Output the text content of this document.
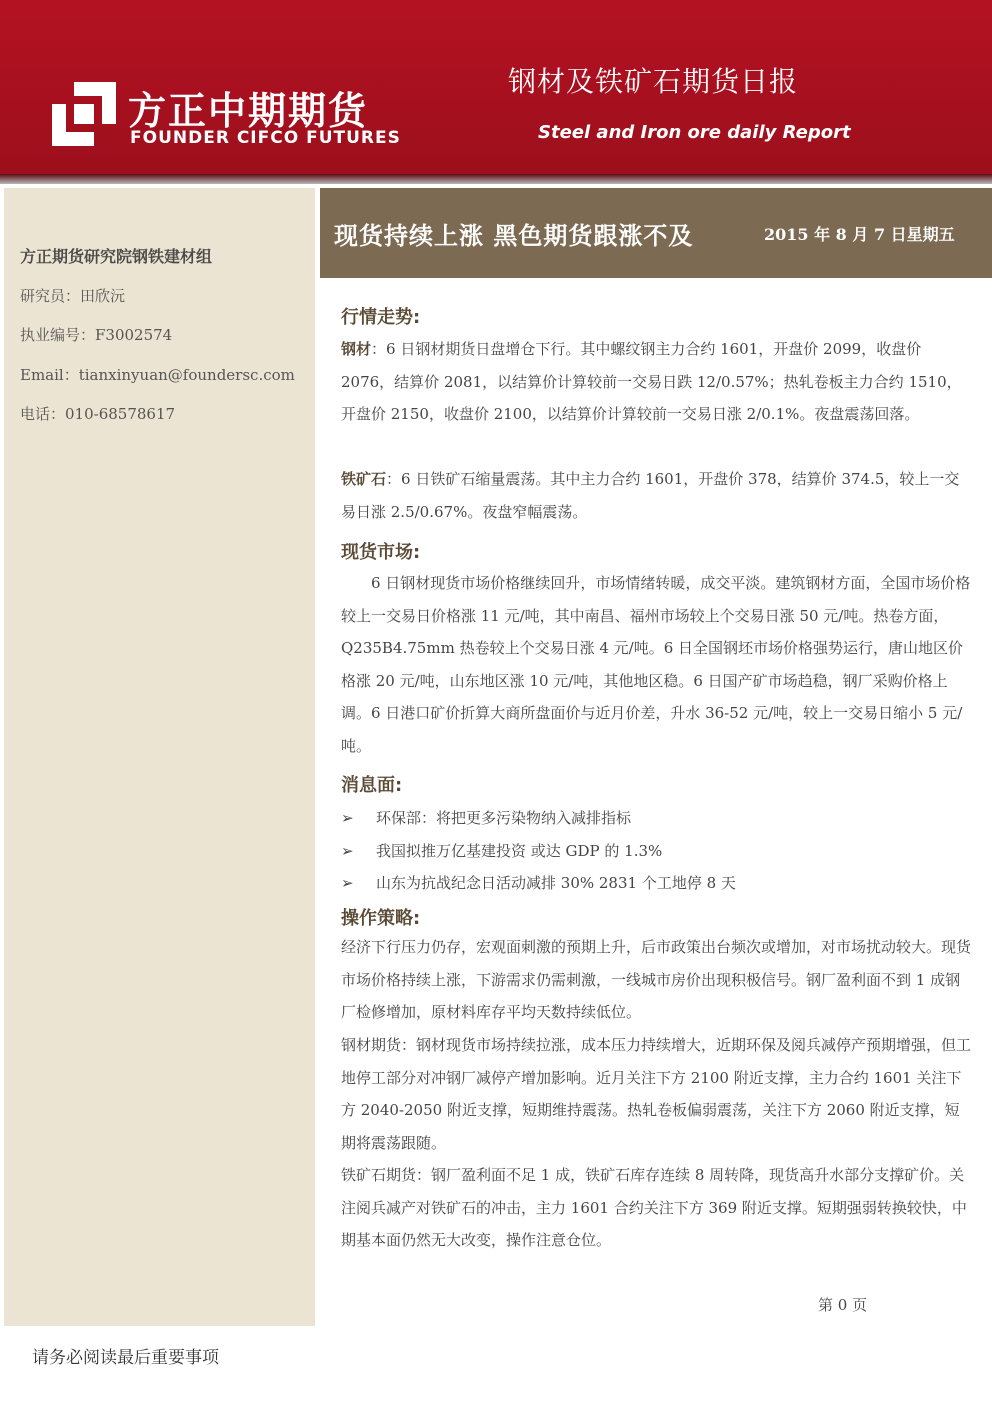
方正中期期货
FOUNDER CIFCO FUTURES
钢材及铁矿石期货日报
Steel and Iron ore daily Report
方正期货研究院钢铁建材组
研究员：田欣沅
执业编号：F3002574
Email：tianxinyuan@foundersc.com
电话：010-68578617
现货持续上涨 黑色期货跟涨不及	2015 年 8 月 7 日星期五
行情走势:
钢材：6 日钢材期货日盘增仓下行。其中螺纹钢主力合约 1601，开盘价 2099，收盘价 2076，结算价 2081，以结算价计算较前一交易日跌 12/0.57%；热轧卷板主力合约 1510，开盘价 2150，收盘价 2100，以结算价计算较前一交易日涨 2/0.1%。夜盘震荡回落。
铁矿石：6 日铁矿石缩量震荡。其中主力合约 1601，开盘价 378，结算价 374.5，较上一交易日涨 2.5/0.67%。夜盘窄幅震荡。
现货市场:
6 日钢材现货市场价格继续回升，市场情绪转暖，成交平淡。建筑钢材方面，全国市场价格较上一交易日价格涨 11 元/吨，其中南昌、福州市场较上个交易日涨 50 元/吨。热卷方面，Q235B4.75mm 热卷较上个交易日涨 4 元/吨。6 日全国钢坯市场价格强势运行，唐山地区价格涨 20 元/吨，山东地区涨 10 元/吨，其他地区稳。6 日国产矿市场趋稳，钢厂采购价格上调。6 日港口矿价折算大商所盘面价与近月价差，升水 36-52 元/吨，较上一交易日缩小 5 元/吨。
消息面:
➢ 环保部：将把更多污染物纳入减排指标
➢ 我国拟推万亿基建投资 或达 GDP 的 1.3%
➢ 山东为抗战纪念日活动减排 30% 2831 个工地停 8 天
操作策略:
经济下行压力仍存，宏观面刺激的预期上升，后市政策出台频次或增加，对市场扰动较大。现货市场价格持续上涨，下游需求仍需刺激，一线城市房价出现积极信号。钢厂盈利面不到 1 成钢厂检修增加，原材料库存平均天数持续低位。
钢材期货：钢材现货市场持续拉涨，成本压力持续增大，近期环保及阅兵减停产预期增强，但工地停工部分对冲钢厂减停产增加影响。近月关注下方 2100 附近支撑，主力合约 1601 关注下方 2040-2050 附近支撑，短期维持震荡。热轧卷板偏弱震荡，关注下方 2060 附近支撑，短期将震荡跟随。
铁矿石期货：钢厂盈利面不足 1 成，铁矿石库存连续 8 周转降，现货高升水部分支撑矿价。关注阅兵减产对铁矿石的冲击，主力 1601 合约关注下方 369 附近支撑。短期强弱转换较快，中期基本面仍然无大改变，操作注意仓位。
第 0 页
请务必阅读最后重要事项
